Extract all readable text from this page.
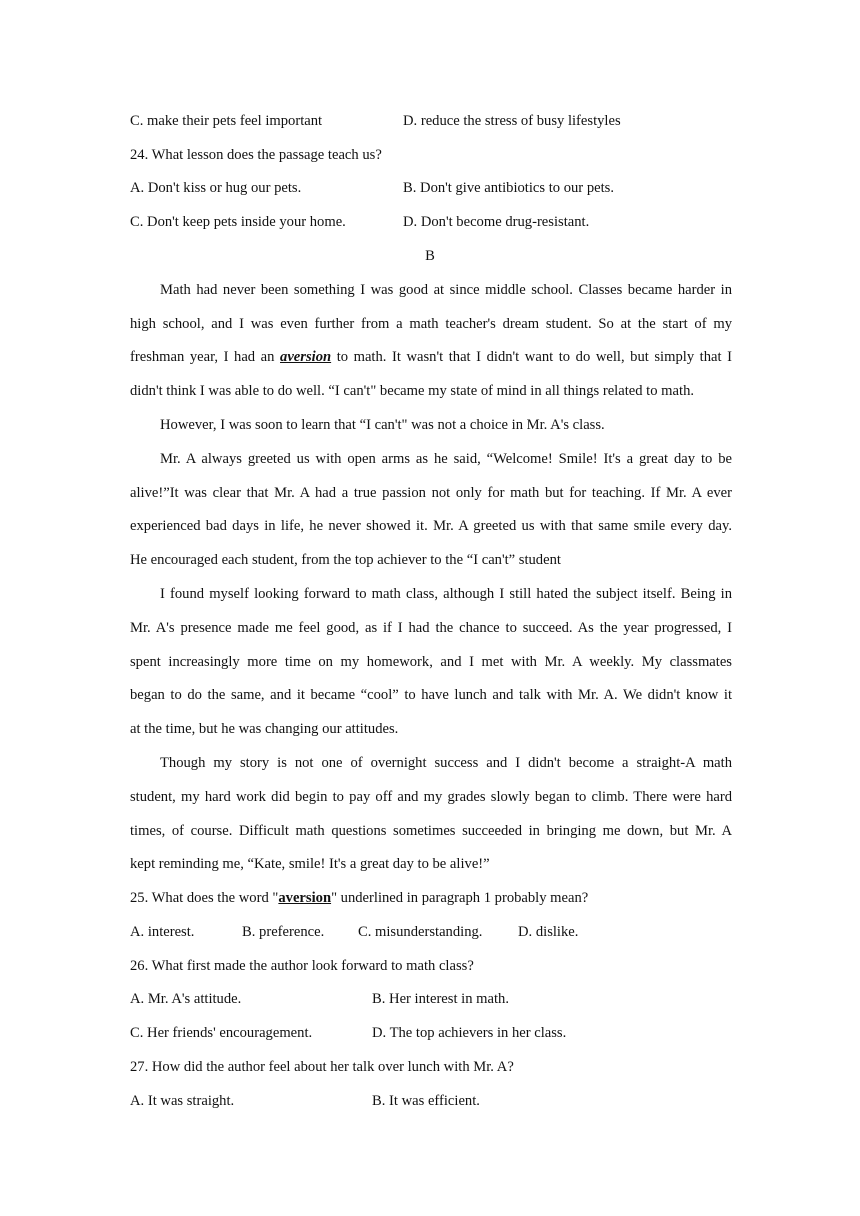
C. make their pets feel important	D. reduce the stress of busy lifestyles
24. What lesson does the passage teach us?
A. Don't kiss or hug our pets.	B. Don't give antibiotics to our pets.
C. Don't keep pets inside your home.	D. Don't become drug-resistant.
B
Math had never been something I was good at since middle school. Classes became harder in
high school, and I was even further from a math teacher's dream student. So at the start of my
freshman year, I had an aversion to math. It wasn't that I didn't want to do well, but simply that I
didn't think I was able to do well. “I can't" became my state of mind in all things related to math.
However, I was soon to learn that “I can't" was not a choice in Mr. A's class.
Mr. A always greeted us with open arms as he said, “Welcome! Smile! It's a great day to be
alive!”It was clear that Mr. A had a true passion not only for math but for teaching. If Mr. A ever
experienced bad days in life, he never showed it. Mr. A greeted us with that same smile every day.
He encouraged each student, from the top achiever to the “I can't” student
I found myself looking forward to math class, although I still hated the subject itself. Being in
Mr. A's presence made me feel good, as if I had the chance to succeed. As the year progressed, I
spent increasingly more time on my homework, and I met with Mr. A weekly. My classmates
began to do the same, and it became “cool” to have lunch and talk with Mr. A. We didn't know it
at the time, but he was changing our attitudes.
Though my story is not one of overnight success and I didn't become a straight-A math
student, my hard work did begin to pay off and my grades slowly began to climb. There were hard
times, of course. Difficult math questions sometimes succeeded in bringing me down, but Mr. A
kept reminding me, “Kate, smile! It's a great day to be alive!”
25. What does the word "aversion" underlined in paragraph 1 probably mean?
A. interest.	B. preference. C. misunderstanding. D. dislike.
26. What first made the author look forward to math class?
A. Mr. A's attitude.	B. Her interest in math.
C. Her friends' encouragement.	D. The top achievers in her class.
27. How did the author feel about her talk over lunch with Mr. A?
A. It was straight.	B. It was efficient.
